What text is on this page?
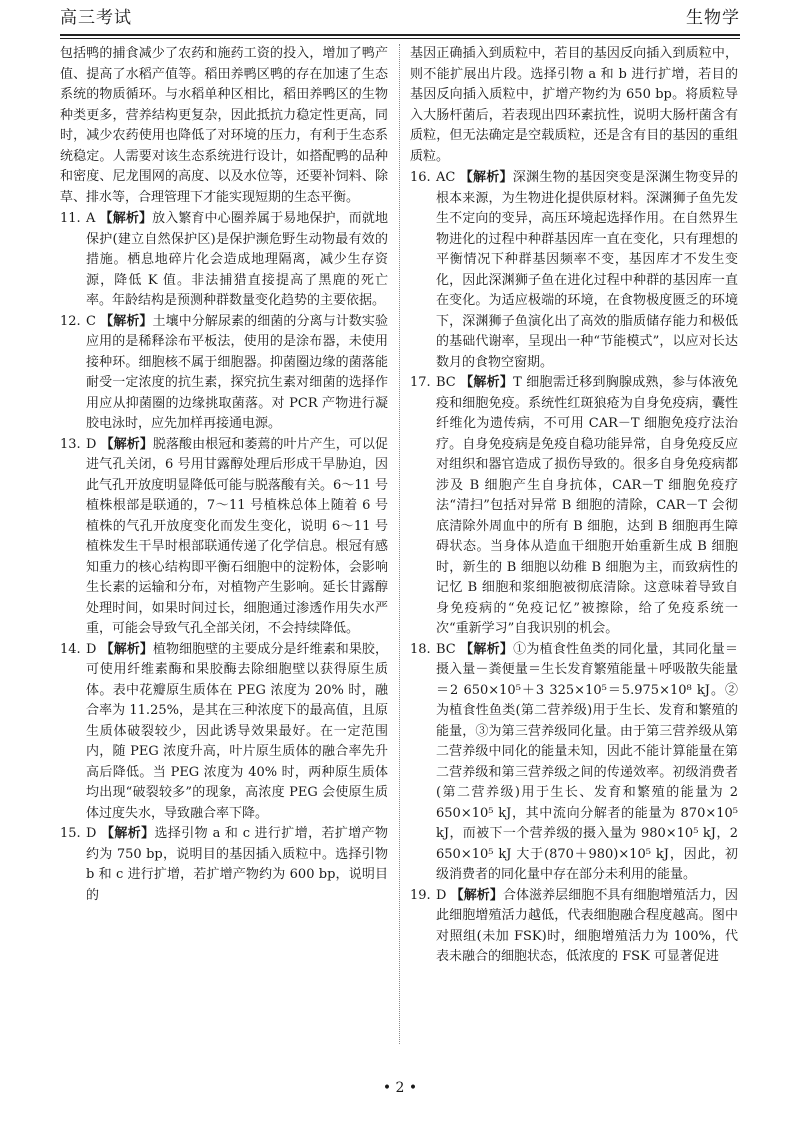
高三考试	生物学

包括鸭的捕食减少了农药和施药工资的投入，增加了鸭产值、提高了水稻产值等。稻田养鸭区鸭的存在加速了生态系统的物质循环。与水稻单种区相比，稻田养鸭区的生物种类更多，营养结构更复杂，因此抵抗力稳定性更高，同时，减少农药使用也降低了对环境的压力，有利于生态系统稳定。人需要对该生态系统进行设计，如搭配鸭的品种和密度、尼龙围网的高度、以及水位等，还要补饲料、除草、排水等，合理管理下才能实现短期的生态平衡。

11. A 【解析】放入繁育中心圈养属于易地保护，而就地保护(建立自然保护区)是保护濒危野生动物最有效的措施。栖息地碎片化会造成地理隔离，减少生存资源，降低 K 值。非法捕猎直接提高了黑鹿的死亡率。年龄结构是预测种群数量变化趋势的主要依据。

12. C 【解析】土壤中分解尿素的细菌的分离与计数实验应用的是稀释涂布平板法，使用的是涂布器，未使用接种环。细胞核不属于细胞器。抑菌圈边缘的菌落能耐受一定浓度的抗生素，探究抗生素对细菌的选择作用应从抑菌圈的边缘挑取菌落。对 PCR 产物进行凝胶电泳时，应先加样再接通电源。

13. D 【解析】脱落酸由根冠和萎蔫的叶片产生，可以促进气孔关闭，6 号用甘露醇处理后形成干旱胁迫，因此气孔开放度明显降低可能与脱落酸有关。6～11 号植株根部是联通的，7～11 号植株总体上随着 6 号植株的气孔开放度变化而发生变化，说明 6～11 号植株发生干旱时根部联通传递了化学信息。根冠有感知重力的核心结构即平衡石细胞中的淀粉体，会影响生长素的运输和分布，对植物产生影响。延长甘露醇处理时间，如果时间过长，细胞通过渗透作用失水严重，可能会导致气孔全部关闭，不会持续降低。

14. D 【解析】植物细胞壁的主要成分是纤维素和果胶，可使用纤维素酶和果胶酶去除细胞壁以获得原生质体。表中花瓣原生质体在 PEG 浓度为 20% 时，融合率为 11.25%，是其在三种浓度下的最高值，且原生质体破裂较少，因此诱导效果最好。在一定范围内，随 PEG 浓度升高，叶片原生质体的融合率先升高后降低。当 PEG 浓度为 40% 时，两种原生质体均出现“破裂较多”的现象，高浓度 PEG 会使原生质体过度失水，导致融合率下降。

15. D 【解析】选择引物 a 和 c 进行扩增，若扩增产物约为 750 bp，说明目的基因插入质粒中。选择引物 b 和 c 进行扩增，若扩增产物约为 600 bp，说明目的

基因正确插入到质粒中，若目的基因反向插入到质粒中，则不能扩展出片段。选择引物 a 和 b 进行扩增，若目的基因反向插入质粒中，扩增产物约为 650 bp。将质粒导入大肠杆菌后，若表现出四环素抗性，说明大肠杆菌含有质粒，但无法确定是空载质粒，还是含有目的基因的重组质粒。

16. AC 【解析】深渊生物的基因突变是深渊生物变异的根本来源，为生物进化提供原材料。深渊狮子鱼先发生不定向的变异，高压环境起选择作用。在自然界生物进化的过程中种群基因库一直在变化，只有理想的平衡情况下种群基因频率不变，基因库才不发生变化，因此深渊狮子鱼在进化过程中种群的基因库一直在变化。为适应极端的环境，在食物极度匮乏的环境下，深渊狮子鱼演化出了高效的脂质储存能力和极低的基础代谢率，呈现出一种“节能模式”，以应对长达数月的食物空窗期。

17. BC 【解析】T 细胞需迁移到胸腺成熟，参与体液免疫和细胞免疫。系统性红斑狼疮为自身免疫病，囊性纤维化为遗传病，不可用 CAR－T 细胞免疫疗法治疗。自身免疫病是免疫自稳功能异常，自身免疫反应对组织和器官造成了损伤导致的。很多自身免疫病都涉及 B 细胞产生自身抗体，CAR－T 细胞免疫疗法“清扫”包括对异常 B 细胞的清除，CAR－T 会彻底清除外周血中的所有 B 细胞，达到 B 细胞再生障碍状态。当身体从造血干细胞开始重新生成 B 细胞时，新生的 B 细胞以幼稚 B 细胞为主，而致病性的记忆 B 细胞和浆细胞被彻底清除。这意味着导致自身免疫病的“免疫记忆”被擦除，给了免疫系统一次“重新学习”自我识别的机会。

18. BC 【解析】①为植食性鱼类的同化量，其同化量＝摄入量－粪便量＝生长发育繁殖能量＋呼吸散失能量＝2 650×10⁵＋3 325×10⁵＝5.975×10⁸ kJ。②为植食性鱼类(第二营养级)用于生长、发育和繁殖的能量，③为第三营养级同化量。由于第三营养级从第二营养级中同化的能量未知，因此不能计算能量在第二营养级和第三营养级之间的传递效率。初级消费者(第二营养级)用于生长、发育和繁殖的能量为 2 650×10⁵ kJ，其中流向分解者的能量为 870×10⁵ kJ，而被下一个营养级的摄入量为 980×10⁵ kJ，2 650×10⁵ kJ 大于(870＋980)×10⁵ kJ，因此，初级消费者的同化量中存在部分未利用的能量。

19. D 【解析】合体滋养层细胞不具有细胞增殖活力，因此细胞增殖活力越低，代表细胞融合程度越高。图中对照组(未加 FSK)时，细胞增殖活力为 100%，代表未融合的细胞状态，低浓度的 FSK 可显著促进

• 2 •
